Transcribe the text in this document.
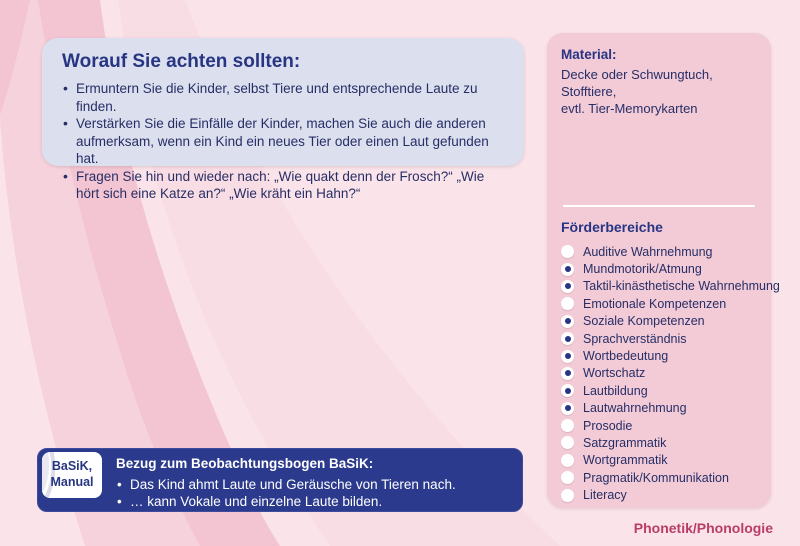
Worauf Sie achten sollten:
• Ermuntern Sie die Kinder, selbst Tiere und entsprechende Laute zu finden.
• Verstärken Sie die Einfälle der Kinder, machen Sie auch die anderen aufmerksam, wenn ein Kind ein neues Tier oder einen Laut gefunden hat.
• Fragen Sie hin und wieder nach: „Wie quakt denn der Frosch?“ „Wie hört sich eine Katze an?“ „Wie kräht ein Hahn?“
Material:
Decke oder Schwungtuch,
Stofftiere,
evtl. Tier-Memorykarten
Förderbereiche
Auditive Wahrnehmung
Mundmotorik/Atmung
Taktil-kinästhetische Wahrnehmung
Emotionale Kompetenzen
Soziale Kompetenzen
Sprachverständnis
Wortbedeutung
Wortschatz
Lautbildung
Lautwahrnehmung
Prosodie
Satzgrammatik
Wortgrammatik
Pragmatik/Kommunikation
Literacy
BaSiK,
Manual
Bezug zum Beobachtungsbogen BaSiK:
• Das Kind ahmt Laute und Geräusche von Tieren nach.
• … kann Vokale und einzelne Laute bilden.
Phonetik/Phonologie
